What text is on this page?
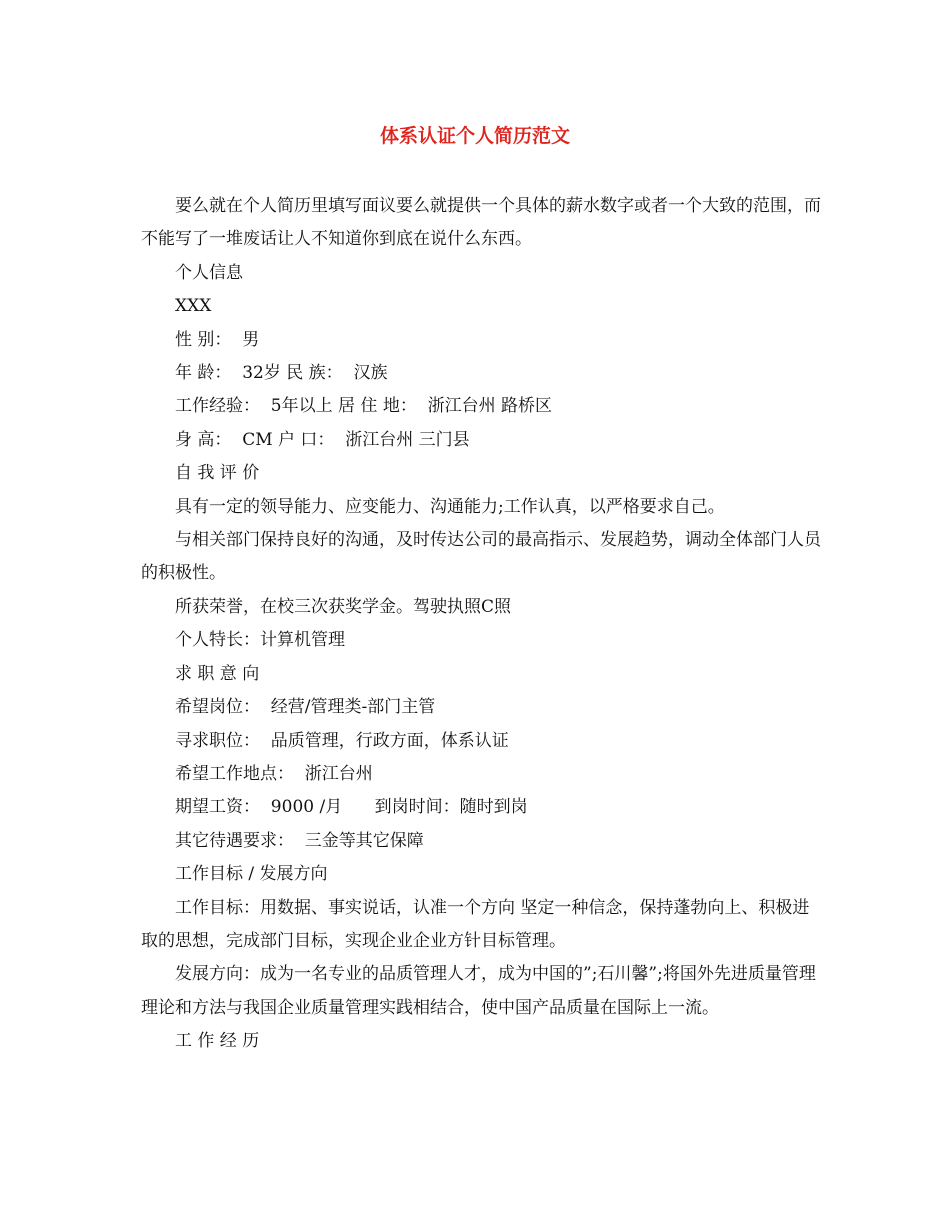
体系认证个人简历范文

要么就在个人简历里填写面议要么就提供一个具体的薪水数字或者一个大致的范围，而不能写了一堆废话让人不知道你到底在说什么东西。

个人信息

XXX

性 别：  男

年 龄：  32岁 民 族：  汉族

工作经验：  5年以上 居 住 地：  浙江台州 路桥区

身 高：  CM 户 口：  浙江台州 三门县

自 我 评 价

具有一定的领导能力、应变能力、沟通能力;工作认真，以严格要求自己。

与相关部门保持良好的沟通，及时传达公司的最高指示、发展趋势，调动全体部门人员的积极性。

所获荣誉，在校三次获奖学金。驾驶执照C照

个人特长：计算机管理

求 职 意 向

希望岗位：  经营/管理类-部门主管

寻求职位：  品质管理，行政方面，体系认证

希望工作地点：  浙江台州

期望工资：  9000 /月      到岗时间：随时到岗

其它待遇要求：  三金等其它保障

工作目标 / 发展方向

工作目标：用数据、事实说话，认准一个方向 坚定一种信念，保持蓬勃向上、积极进取的思想，完成部门目标，实现企业企业方针目标管理。

发展方向：成为一名专业的品质管理人才，成为中国的”;石川馨”;将国外先进质量管理理论和方法与我国企业质量管理实践相结合，使中国产品质量在国际上一流。

工 作 经 历
